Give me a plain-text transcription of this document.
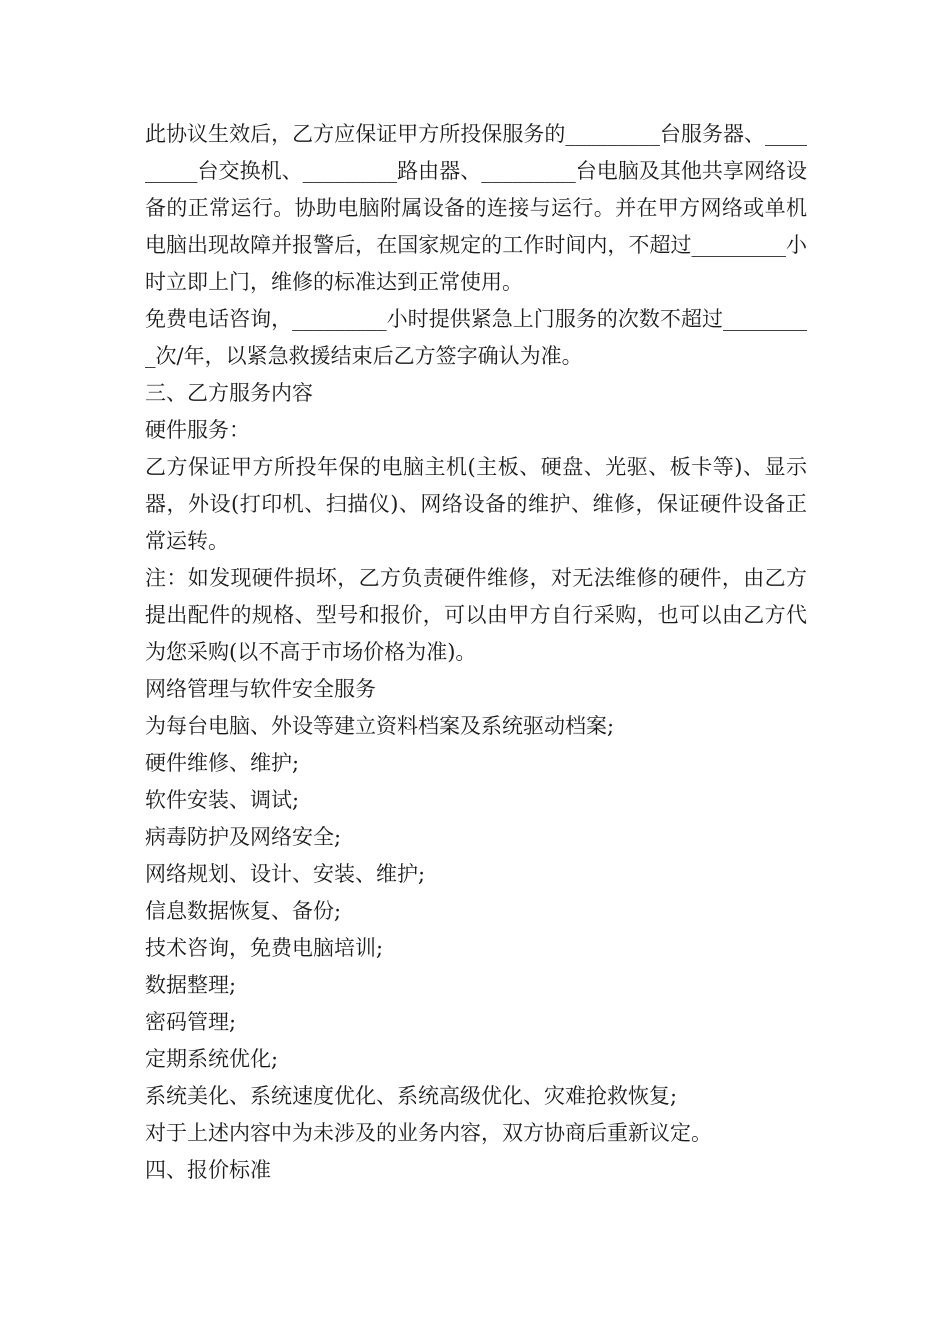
此协议生效后，乙方应保证甲方所投保服务的_________台服务器、_________台交换机、_________路由器、_________台电脑及其他共享网络设备的正常运行。协助电脑附属设备的连接与运行。并在甲方网络或单机电脑出现故障并报警后，在国家规定的工作时间内，不超过_________小时立即上门，维修的标准达到正常使用。

免费电话咨询，_________小时提供紧急上门服务的次数不超过_________次/年，以紧急救援结束后乙方签字确认为准。

三、乙方服务内容

硬件服务：

乙方保证甲方所投年保的电脑主机(主板、硬盘、光驱、板卡等)、显示器，外设(打印机、扫描仪)、网络设备的维护、维修，保证硬件设备正常运转。

注：如发现硬件损坏，乙方负责硬件维修，对无法维修的硬件，由乙方提出配件的规格、型号和报价，可以由甲方自行采购，也可以由乙方代为您采购(以不高于市场价格为准)。

网络管理与软件安全服务

为每台电脑、外设等建立资料档案及系统驱动档案;

硬件维修、维护;

软件安装、调试;

病毒防护及网络安全;

网络规划、设计、安装、维护;

信息数据恢复、备份;

技术咨询，免费电脑培训;

数据整理;

密码管理;

定期系统优化;

系统美化、系统速度优化、系统高级优化、灾难抢救恢复;

对于上述内容中为未涉及的业务内容，双方协商后重新议定。

四、报价标准
